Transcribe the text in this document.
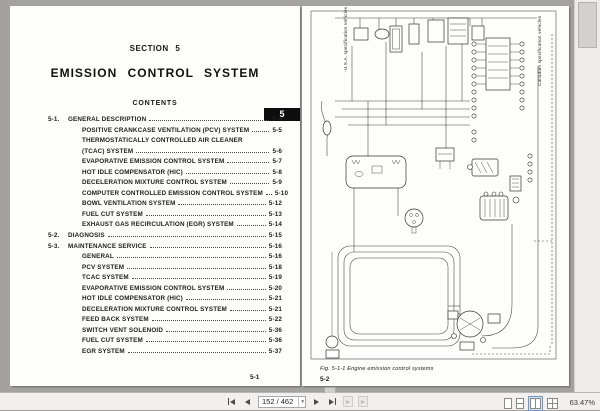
SECTION 5
EMISSION CONTROL SYSTEM
CONTENTS
5
5-1.	GENERAL DESCRIPTION	5-4
POSITIVE CRANKCASE VENTILATION (PCV) SYSTEM	5-5
THERMOSTATICALLY CONTROLLED AIR CLEANER
(TCAC) SYSTEM	5-6
EVAPORATIVE EMISSION CONTROL SYSTEM	5-7
HOT IDLE COMPENSATOR (HIC)	5-8
DECELERATION MIXTURE CONTROL SYSTEM	5-9
COMPUTER CONTROLLED EMISSION CONTROL SYSTEM 5-10
BOWL VENTILATION SYSTEM	5-12
FUEL CUT SYSTEM	5-13
EXHAUST GAS RECIRCULATION (EGR) SYSTEM	5-14
5-2.	DIAGNOSIS	5-15
5-3.	MAINTENANCE SERVICE	5-16
GENERAL	5-16
PCV SYSTEM	5-18
TCAC SYSTEM	5-19
EVAPORATIVE EMISSION CONTROL SYSTEM	5-20
HOT IDLE COMPENSATOR (HIC)	5-21
DECELERATION MIXTURE CONTROL SYSTEM	5-21
FEED BACK SYSTEM	5-22
SWITCH VENT SOLENOID	5-36
FUEL CUT SYSTEM	5-36
EGR SYSTEM	5-37
5-1
-U.S.A. specification vehicles	Canadian specification vehicles
Fig. 5-1-1 Engine emission control systems
5-2
152 / 462	▾	63.47%
